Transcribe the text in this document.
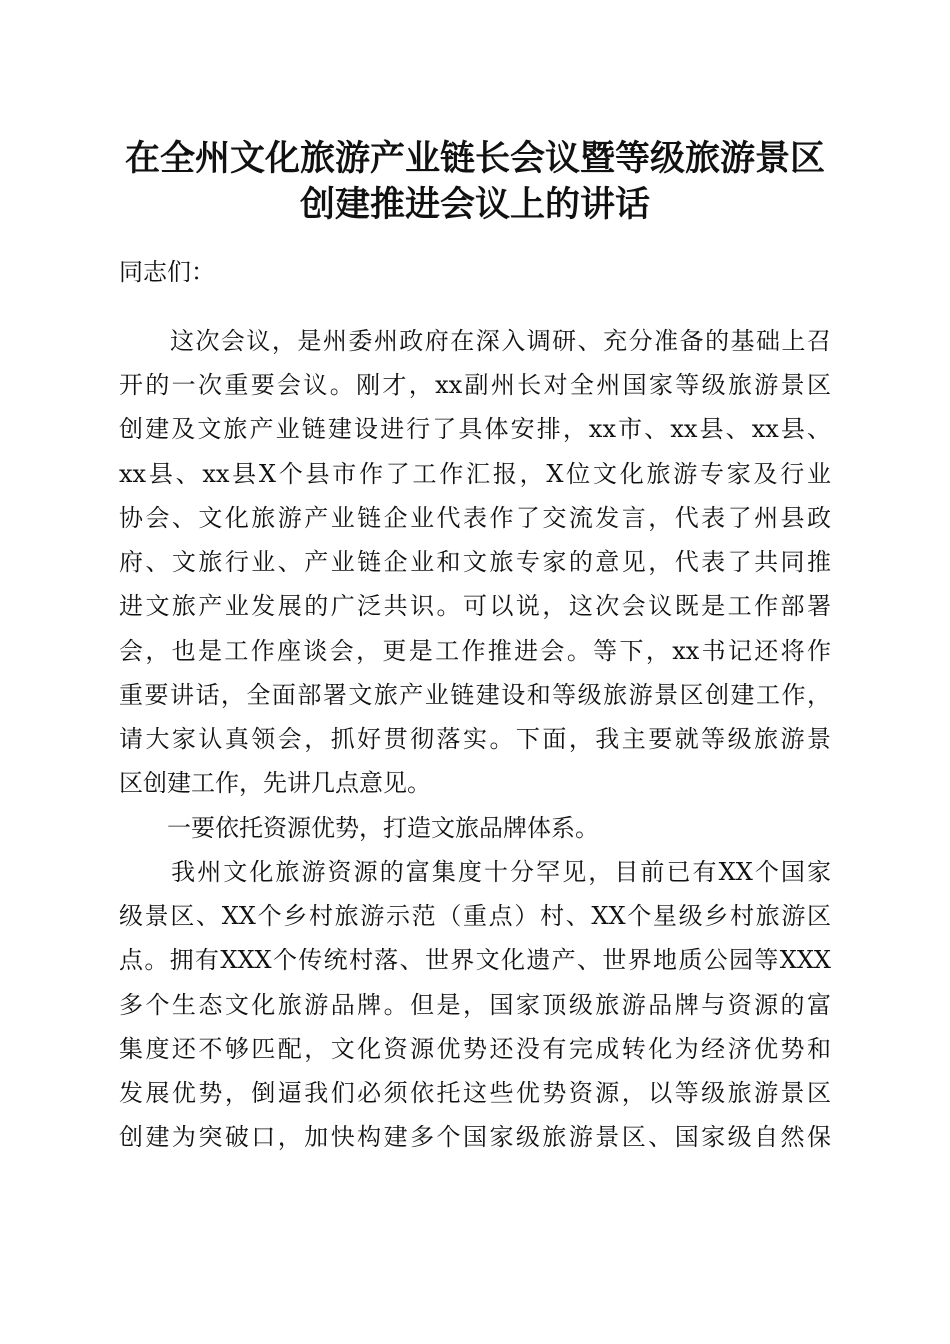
在全州文化旅游产业链长会议暨等级旅游景区
创建推进会议上的讲话

同志们：

　　这次会议，是州委州政府在深入调研、充分准备的基础上召

开的一次重要会议。刚才，xx副州长对全州国家等级旅游景区

创建及文旅产业链建设进行了具体安排，xx市、xx县、xx县、

xx县、xx县X个县市作了工作汇报，X位文化旅游专家及行业

协会、文化旅游产业链企业代表作了交流发言，代表了州县政

府、文旅行业、产业链企业和文旅专家的意见，代表了共同推

进文旅产业发展的广泛共识。可以说，这次会议既是工作部署

会，也是工作座谈会，更是工作推进会。等下，xx书记还将作

重要讲话，全面部署文旅产业链建设和等级旅游景区创建工作，

请大家认真领会，抓好贯彻落实。下面，我主要就等级旅游景

区创建工作，先讲几点意见。

　　一要依托资源优势，打造文旅品牌体系。

　　我州文化旅游资源的富集度十分罕见，目前已有XX个国家

级景区、XX个乡村旅游示范（重点）村、XX个星级乡村旅游区

点。拥有XXX个传统村落、世界文化遗产、世界地质公园等XXX

多个生态文化旅游品牌。但是，国家顶级旅游品牌与资源的富

集度还不够匹配，文化资源优势还没有完成转化为经济优势和

发展优势，倒逼我们必须依托这些优势资源，以等级旅游景区

创建为突破口，加快构建多个国家级旅游景区、国家级自然保
